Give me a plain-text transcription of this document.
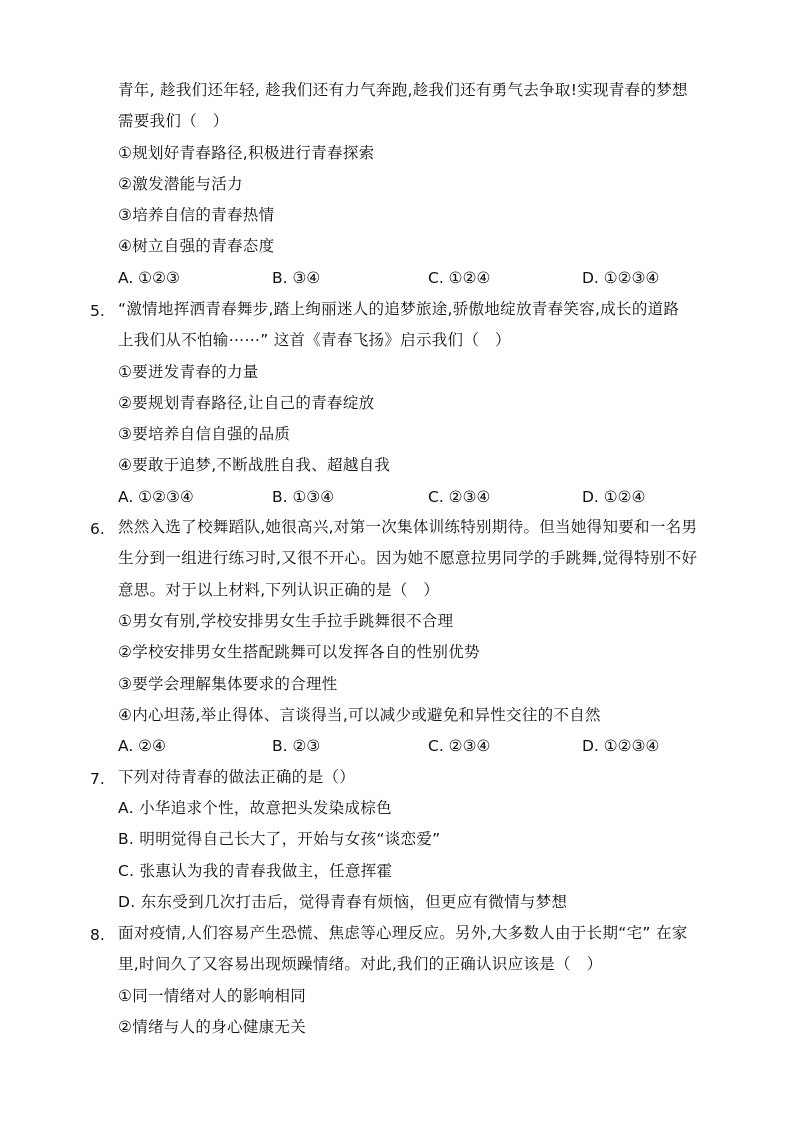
青年, 趁我们还年轻, 趁我们还有力气奔跑,趁我们还有勇气去争取!实现青春的梦想
需要我们（　）
①规划好青春路径,积极进行青春探索
②激发潜能与活力
③培养自信的青春热情
④树立自强的青春态度
A. ①②③	B. ③④	C. ①②④	D. ①②③④
5. “激情地挥洒青春舞步,踏上绚丽迷人的追梦旅途,骄傲地绽放青春笑容,成长的道路
上我们从不怕输⋯⋯” 这首《青春飞扬》启示我们（　）
①要迸发青春的力量
②要规划青春路径,让自己的青春绽放
③要培养自信自强的品质
④要敢于追梦,不断战胜自我、超越自我
A. ①②③④	B. ①③④	C. ②③④	D. ①②④
6. 然然入选了校舞蹈队,她很高兴,对第一次集体训练特别期待。但当她得知要和一名男
生分到一组进行练习时,又很不开心。因为她不愿意拉男同学的手跳舞,觉得特别不好
意思。对于以上材料,下列认识正确的是（　）
①男女有别,学校安排男女生手拉手跳舞很不合理
②学校安排男女生搭配跳舞可以发挥各自的性别优势
③要学会理解集体要求的合理性
④内心坦荡,举止得体、言谈得当,可以减少或避免和异性交往的不自然
A. ②④	B. ②③	C. ②③④	D. ①②③④
7. 下列对待青春的做法正确的是（）
A. 小华追求个性，故意把头发染成棕色
B. 明明觉得自己长大了，开始与女孩“谈恋爱”
C. 张惠认为我的青春我做主，任意挥霍
D. 东东受到几次打击后，觉得青春有烦恼，但更应有微情与梦想
8. 面对疫情,人们容易产生恐慌、焦虑等心理反应。另外,大多数人由于长期“宅” 在家
里,时间久了又容易出现烦躁情绪。对此,我们的正确认识应该是（　）
①同一情绪对人的影响相同
②情绪与人的身心健康无关
